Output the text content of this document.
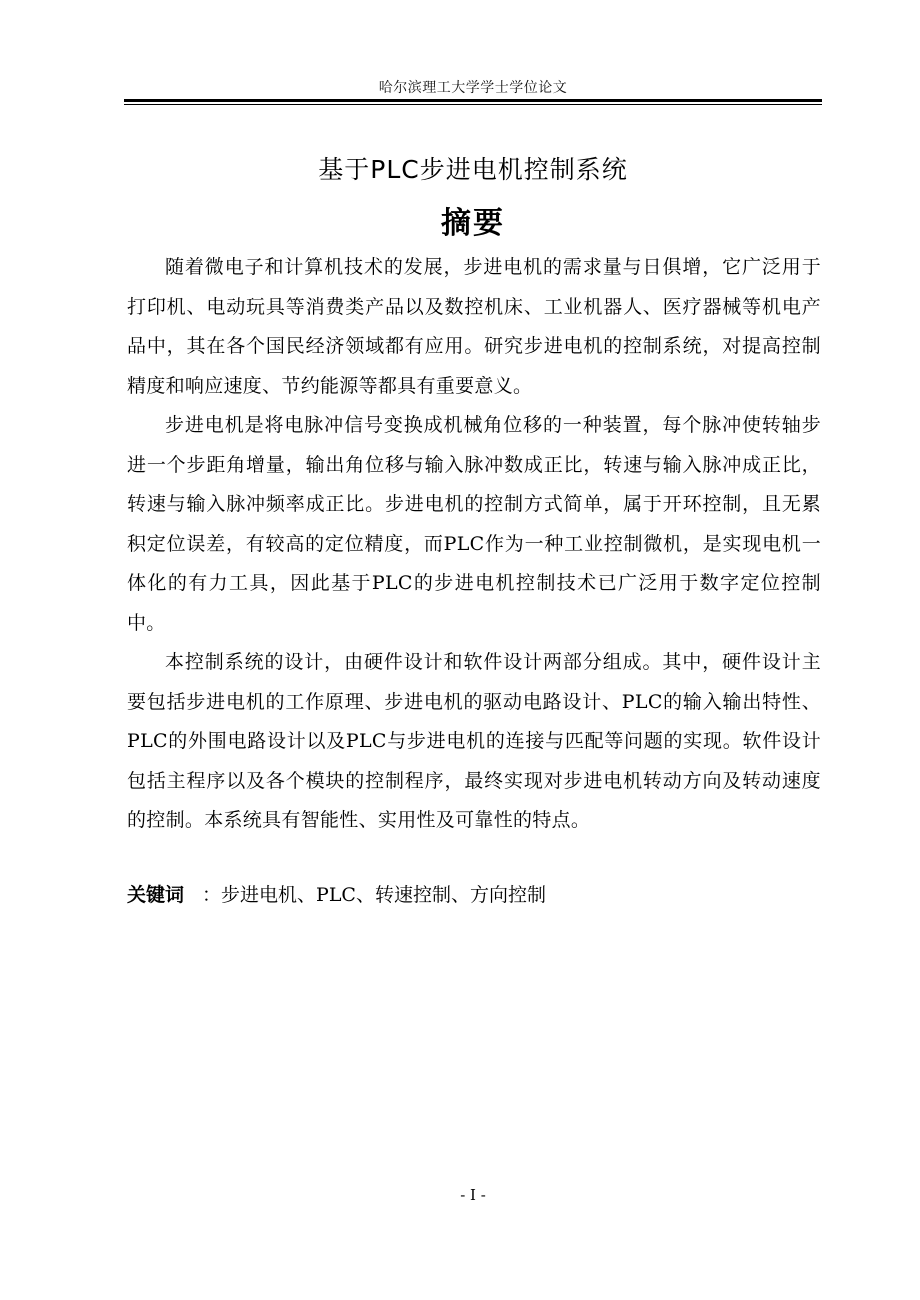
哈尔滨理工大学学士学位论文
基于PLC步进电机控制系统
摘要

随着微电子和计算机技术的发展，步进电机的需求量与日俱增，它广泛用于打印机、电动玩具等消费类产品以及数控机床、工业机器人、医疗器械等机电产品中，其在各个国民经济领域都有应用。研究步进电机的控制系统，对提高控制精度和响应速度、节约能源等都具有重要意义。

步进电机是将电脉冲信号变换成机械角位移的一种装置，每个脉冲使转轴步进一个步距角增量，输出角位移与输入脉冲数成正比，转速与输入脉冲成正比，转速与输入脉冲频率成正比。步进电机的控制方式简单，属于开环控制，且无累积定位误差，有较高的定位精度，而PLC作为一种工业控制微机，是实现电机一体化的有力工具，因此基于PLC的步进电机控制技术已广泛用于数字定位控制中。

本控制系统的设计，由硬件设计和软件设计两部分组成。其中，硬件设计主要包括步进电机的工作原理、步进电机的驱动电路设计、PLC的输入输出特性、PLC的外围电路设计以及PLC与步进电机的连接与匹配等问题的实现。软件设计包括主程序以及各个模块的控制程序，最终实现对步进电机转动方向及转动速度的控制。本系统具有智能性、实用性及可靠性的特点。

关键词 ：步进电机、PLC、转速控制、方向控制
- I -
